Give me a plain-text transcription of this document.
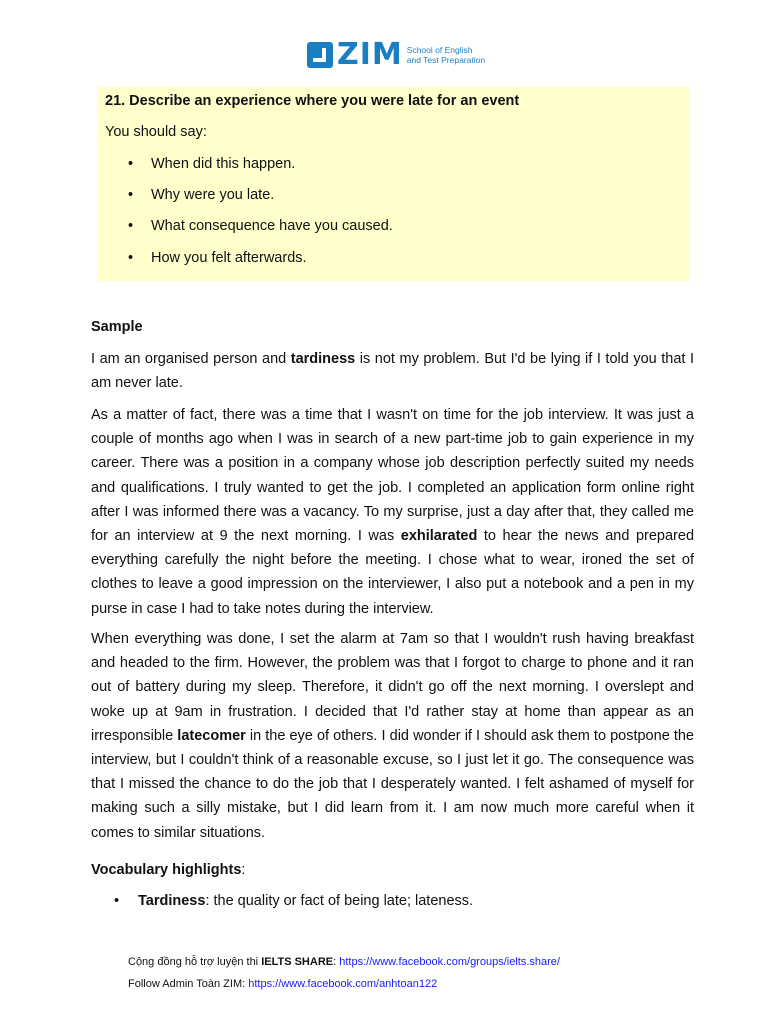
ZIM School of English and Test Preparation
21. Describe an experience where you were late for an event
You should say:
• When did this happen.
• Why were you late.
• What consequence have you caused.
• How you felt afterwards.
Sample

I am an organised person and tardiness is not my problem. But I'd be lying if I told you that I am never late.

As a matter of fact, there was a time that I wasn't on time for the job interview. It was just a couple of months ago when I was in search of a new part-time job to gain experience in my career. There was a position in a company whose job description perfectly suited my needs and qualifications. I truly wanted to get the job. I completed an application form online right after I was informed there was a vacancy. To my surprise, just a day after that, they called me for an interview at 9 the next morning. I was exhilarated to hear the news and prepared everything carefully the night before the meeting. I chose what to wear, ironed the set of clothes to leave a good impression on the interviewer, I also put a notebook and a pen in my purse in case I had to take notes during the interview.

When everything was done, I set the alarm at 7am so that I wouldn't rush having breakfast and headed to the firm. However, the problem was that I forgot to charge to phone and it ran out of battery during my sleep. Therefore, it didn't go off the next morning. I overslept and woke up at 9am in frustration. I decided that I'd rather stay at home than appear as an irresponsible latecomer in the eye of others. I did wonder if I should ask them to postpone the interview, but I couldn't think of a reasonable excuse, so I just let it go. The consequence was that I missed the chance to do the job that I desperately wanted. I felt ashamed of myself for making such a silly mistake, but I did learn from it. I am now much more careful when it comes to similar situations.

Vocabulary highlights:
• Tardiness: the quality or fact of being late; lateness.
Cộng đồng hỗ trợ luyện thi IELTS SHARE: https://www.facebook.com/groups/ielts.share/
Follow Admin Toàn ZIM: https://www.facebook.com/anhtoan122
